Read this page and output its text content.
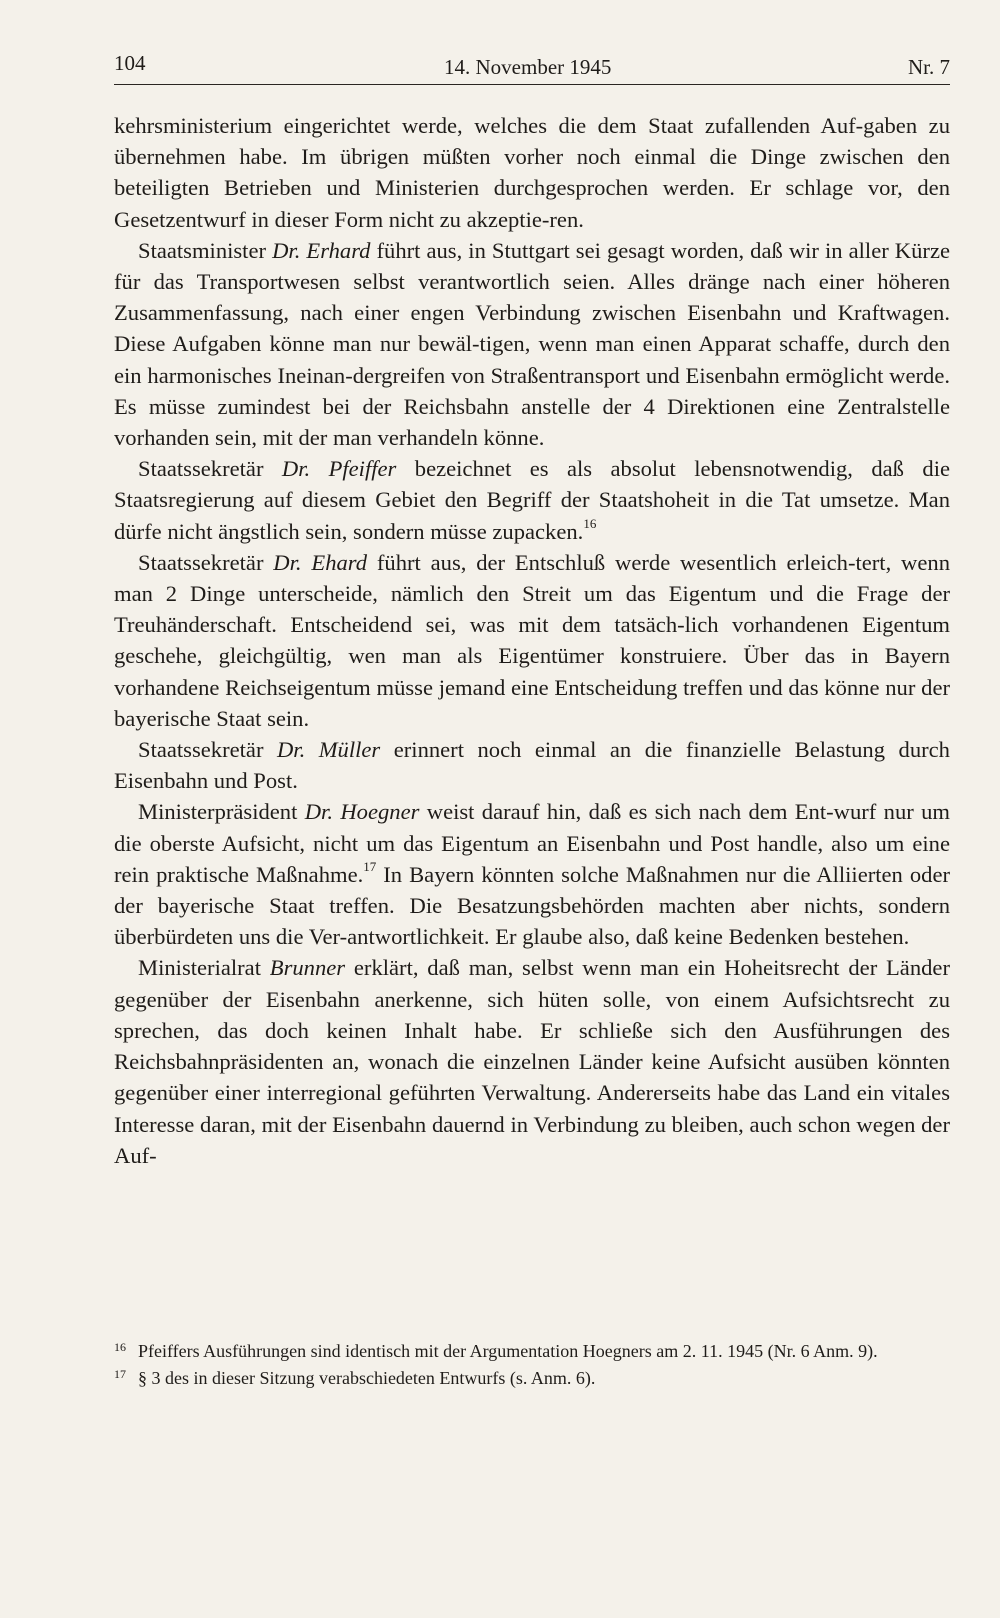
104	14. November 1945	Nr. 7

kehrsministerium eingerichtet werde, welches die dem Staat zufallenden Auf-gaben zu übernehmen habe. Im übrigen müßten vorher noch einmal die Dinge zwischen den beteiligten Betrieben und Ministerien durchgesprochen werden. Er schlage vor, den Gesetzentwurf in dieser Form nicht zu akzeptie-ren.

Staatsminister Dr. Erhard führt aus, in Stuttgart sei gesagt worden, daß wir in aller Kürze für das Transportwesen selbst verantwortlich seien. Alles dränge nach einer höheren Zusammenfassung, nach einer engen Verbindung zwischen Eisenbahn und Kraftwagen. Diese Aufgaben könne man nur bewäl-tigen, wenn man einen Apparat schaffe, durch den ein harmonisches Ineinan-dergreifen von Straßentransport und Eisenbahn ermöglicht werde. Es müsse zumindest bei der Reichsbahn anstelle der 4 Direktionen eine Zentralstelle vorhanden sein, mit der man verhandeln könne.

Staatssekretär Dr. Pfeiffer bezeichnet es als absolut lebensnotwendig, daß die Staatsregierung auf diesem Gebiet den Begriff der Staatshoheit in die Tat umsetze. Man dürfe nicht ängstlich sein, sondern müsse zupacken.$^{16}$

Staatssekretär Dr. Ehard führt aus, der Entschluß werde wesentlich erleich-tert, wenn man 2 Dinge unterscheide, nämlich den Streit um das Eigentum und die Frage der Treuhänderschaft. Entscheidend sei, was mit dem tatsäch-lich vorhandenen Eigentum geschehe, gleichgültig, wen man als Eigentümer konstruiere. Über das in Bayern vorhandene Reichseigentum müsse jemand eine Entscheidung treffen und das könne nur der bayerische Staat sein.

Staatssekretär Dr. Müller erinnert noch einmal an die finanzielle Belastung durch Eisenbahn und Post.

Ministerpräsident Dr. Hoegner weist darauf hin, daß es sich nach dem Ent-wurf nur um die oberste Aufsicht, nicht um das Eigentum an Eisenbahn und Post handle, also um eine rein praktische Maßnahme.$^{17}$ In Bayern könnten solche Maßnahmen nur die Alliierten oder der bayerische Staat treffen. Die Besatzungsbehörden machten aber nichts, sondern überbürdeten uns die Ver-antwortlichkeit. Er glaube also, daß keine Bedenken bestehen.

Ministerialrat Brunner erklärt, daß man, selbst wenn man ein Hoheitsrecht der Länder gegenüber der Eisenbahn anerkenne, sich hüten solle, von einem Aufsichtsrecht zu sprechen, das doch keinen Inhalt habe. Er schließe sich den Ausführungen des Reichsbahnpräsidenten an, wonach die einzelnen Länder keine Aufsicht ausüben könnten gegenüber einer interregional geführten Verwaltung. Andererseits habe das Land ein vitales Interesse daran, mit der Eisenbahn dauernd in Verbindung zu bleiben, auch schon wegen der Auf-

16 Pfeiffers Ausführungen sind identisch mit der Argumentation Hoegners am 2. 11. 1945 (Nr. 6 Anm. 9).

17 § 3 des in dieser Sitzung verabschiedeten Entwurfs (s. Anm. 6).
